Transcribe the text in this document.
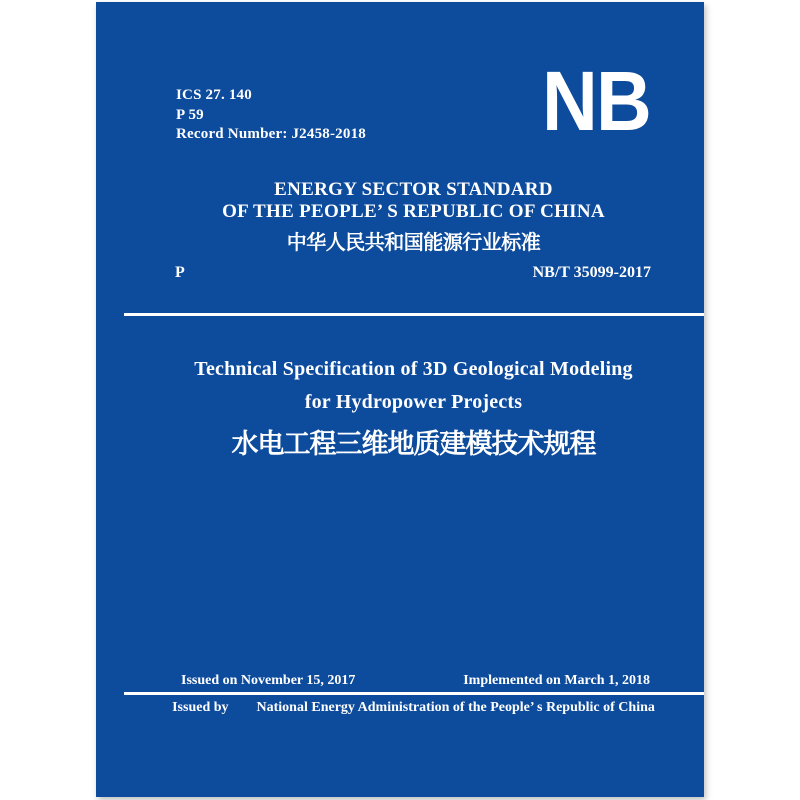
ICS 27. 140
P 59
Record Number: J2458-2018 NB
ENERGY SECTOR STANDARD
OF THE PEOPLE’ S REPUBLIC OF CHINA
中华人民共和国能源行业标准
P	NB/T 35099-2017
Technical Specification of 3D Geological Modeling
for Hydropower Projects
水电工程三维地质建模技术规程
Issued on November 15, 2017	Implemented on March 1, 2018
Issued by National Energy Administration of the People’ s Republic of China
